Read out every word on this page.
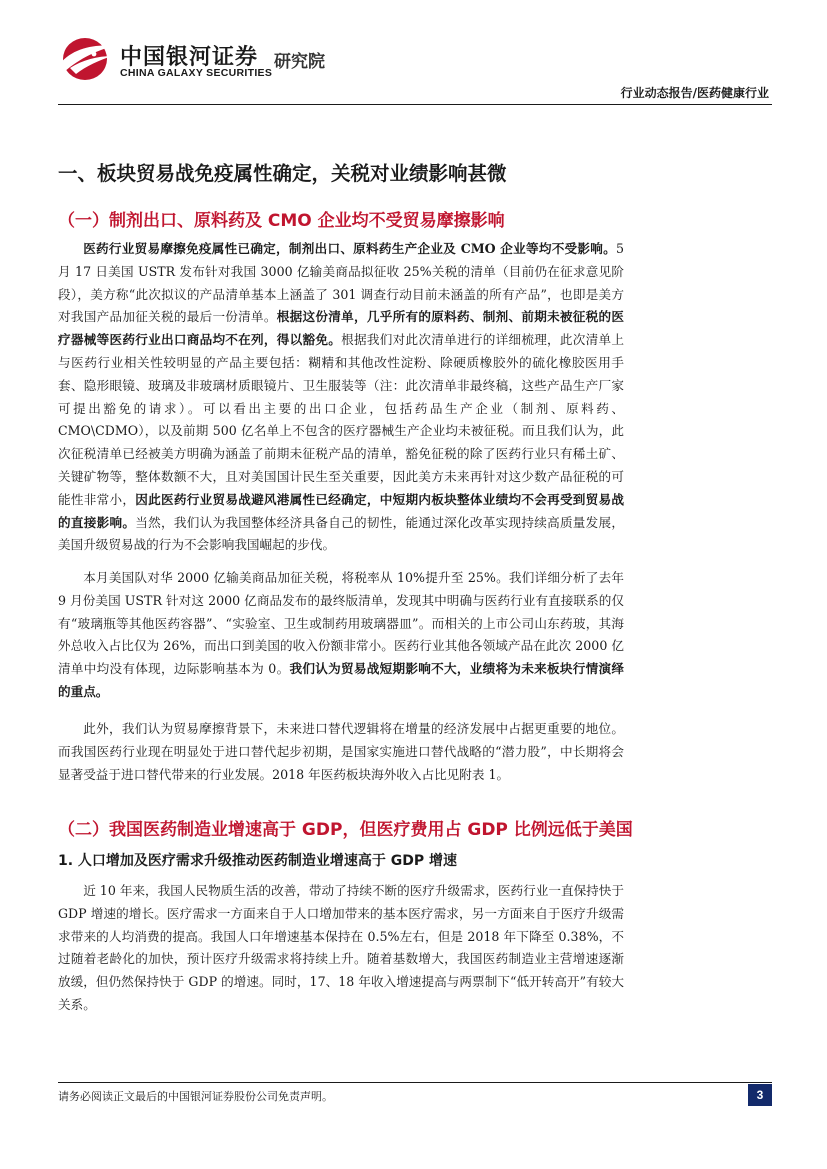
中国银河证券
CHINA GALAXY SECURITIES
研究院
行业动态报告/医药健康行业
一、板块贸易战免疫属性确定，关税对业绩影响甚微
（一）制剂出口、原料药及 CMO 企业均不受贸易摩擦影响

医药行业贸易摩擦免疫属性已确定，制剂出口、原料药生产企业及 CMO 企业等均不受影响。5 月 17 日美国 USTR 发布针对我国 3000 亿输美商品拟征收 25%关税的清单（目前仍在征求意见阶段），美方称“此次拟议的产品清单基本上涵盖了 301 调查行动目前未涵盖的所有产品”，也即是美方对我国产品加征关税的最后一份清单。根据这份清单，几乎所有的原料药、制剂、前期未被征税的医疗器械等医药行业出口商品均不在列，得以豁免。根据我们对此次清单进行的详细梳理，此次清单上与医药行业相关性较明显的产品主要包括：糊精和其他改性淀粉、除硬质橡胶外的硫化橡胶医用手套、隐形眼镜、玻璃及非玻璃材质眼镜片、卫生服装等（注：此次清单非最终稿，这些产品生产厂家可提出豁免的请求）。可以看出主要的出口企业，包括药品生产企业（制剂、原料药、CMO\CDMO），以及前期 500 亿名单上不包含的医疗器械生产企业均未被征税。而且我们认为，此次征税清单已经被美方明确为涵盖了前期未征税产品的清单，豁免征税的除了医药行业只有稀土矿、关键矿物等，整体数额不大，且对美国国计民生至关重要，因此美方未来再针对这少数产品征税的可能性非常小，因此医药行业贸易战避风港属性已经确定，中短期内板块整体业绩均不会再受到贸易战的直接影响。当然，我们认为我国整体经济具备自己的韧性，能通过深化改革实现持续高质量发展，美国升级贸易战的行为不会影响我国崛起的步伐。

本月美国队对华 2000 亿输美商品加征关税，将税率从 10%提升至 25%。我们详细分析了去年 9 月份美国 USTR 针对这 2000 亿商品发布的最终版清单，发现其中明确与医药行业有直接联系的仅有“玻璃瓶等其他医药容器”、“实验室、卫生或制药用玻璃器皿”。而相关的上市公司山东药玻，其海外总收入占比仅为 26%，而出口到美国的收入份额非常小。医药行业其他各领域产品在此次 2000 亿清单中均没有体现，边际影响基本为 0。我们认为贸易战短期影响不大，业绩将为未来板块行情演绎的重点。

此外，我们认为贸易摩擦背景下，未来进口替代逻辑将在增量的经济发展中占据更重要的地位。而我国医药行业现在明显处于进口替代起步初期，是国家实施进口替代战略的“潜力股”，中长期将会显著受益于进口替代带来的行业发展。2018 年医药板块海外收入占比见附表 1。

（二）我国医药制造业增速高于 GDP，但医疗费用占 GDP 比例远低于美国
1. 人口增加及医疗需求升级推动医药制造业增速高于 GDP 增速

近 10 年来，我国人民物质生活的改善，带动了持续不断的医疗升级需求，医药行业一直保持快于 GDP 增速的增长。医疗需求一方面来自于人口增加带来的基本医疗需求，另一方面来自于医疗升级需求带来的人均消费的提高。我国人口年增速基本保持在 0.5%左右，但是 2018 年下降至 0.38%，不过随着老龄化的加快，预计医疗升级需求将持续上升。随着基数增大，我国医药制造业主营增速逐渐放缓，但仍然保持快于 GDP 的增速。同时，17、18 年收入增速提高与两票制下“低开转高开”有较大关系。

请务必阅读正文最后的中国银河证券股份公司免责声明。	3
